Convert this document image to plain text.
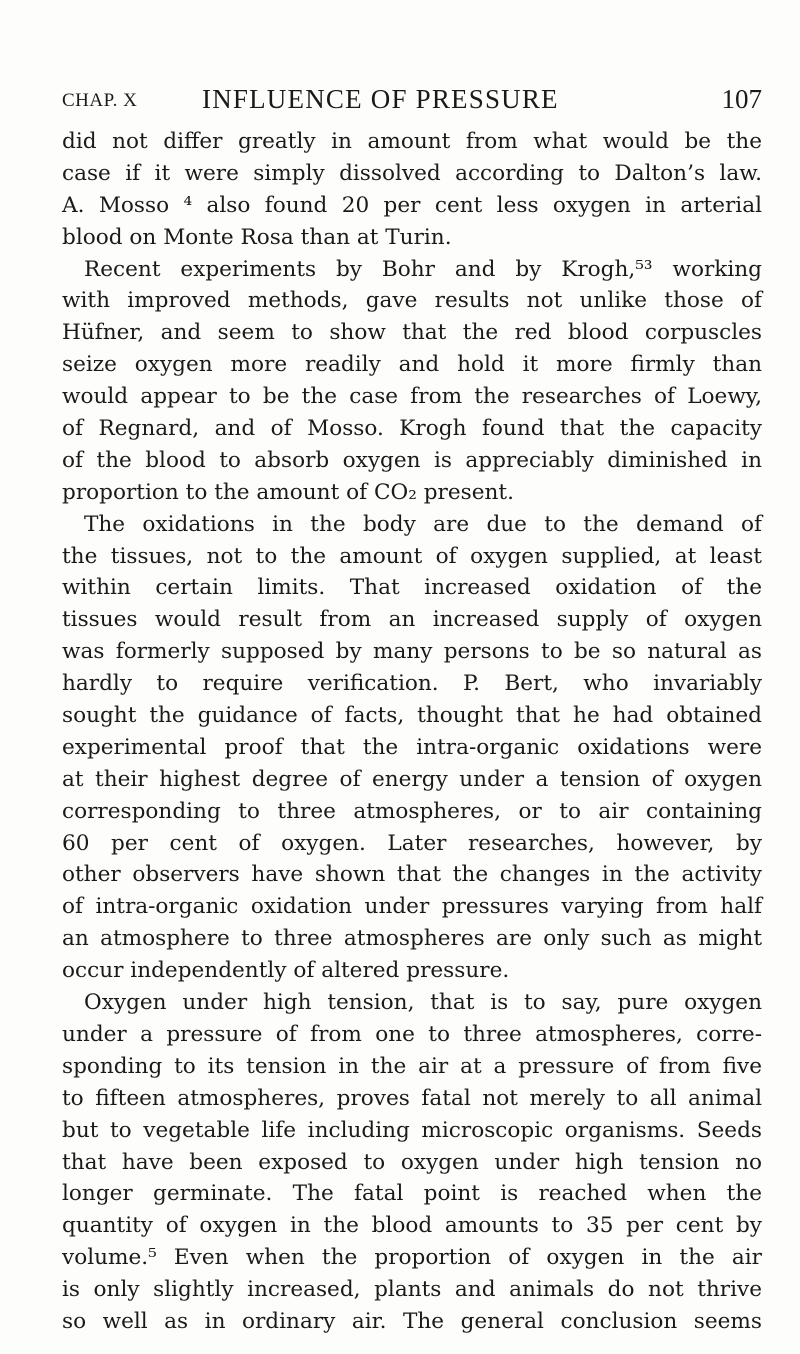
CHAP. X INFLUENCE OF PRESSURE	107
did not differ greatly in amount from what would be the
case if it were simply dissolved according to Dalton’s law.
A. Mosso ⁴ also found 20 per cent less oxygen in arterial
blood on Monte Rosa than at Turin.
Recent experiments by Bohr and by Krogh,⁵³ working
with improved methods, gave results not unlike those of
Hüfner, and seem to show that the red blood corpuscles
seize oxygen more readily and hold it more firmly than
would appear to be the case from the researches of Loewy,
of Regnard, and of Mosso. Krogh found that the capacity
of the blood to absorb oxygen is appreciably diminished in
proportion to the amount of CO₂ present.
The oxidations in the body are due to the demand of
the tissues, not to the amount of oxygen supplied, at least
within certain limits. That increased oxidation of the
tissues would result from an increased supply of oxygen
was formerly supposed by many persons to be so natural as
hardly to require verification. P. Bert, who invariably
sought the guidance of facts, thought that he had obtained
experimental proof that the intra-organic oxidations were
at their highest degree of energy under a tension of oxygen
corresponding to three atmospheres, or to air containing
60 per cent of oxygen. Later researches, however, by
other observers have shown that the changes in the activity
of intra-organic oxidation under pressures varying from half
an atmosphere to three atmospheres are only such as might
occur independently of altered pressure.
Oxygen under high tension, that is to say, pure oxygen
under a pressure of from one to three atmospheres, corre-
sponding to its tension in the air at a pressure of from five
to fifteen atmospheres, proves fatal not merely to all animal
but to vegetable life including microscopic organisms. Seeds
that have been exposed to oxygen under high tension no
longer germinate. The fatal point is reached when the
quantity of oxygen in the blood amounts to 35 per cent by
volume.⁵ Even when the proportion of oxygen in the air
is only slightly increased, plants and animals do not thrive
so well as in ordinary air. The general conclusion seems
